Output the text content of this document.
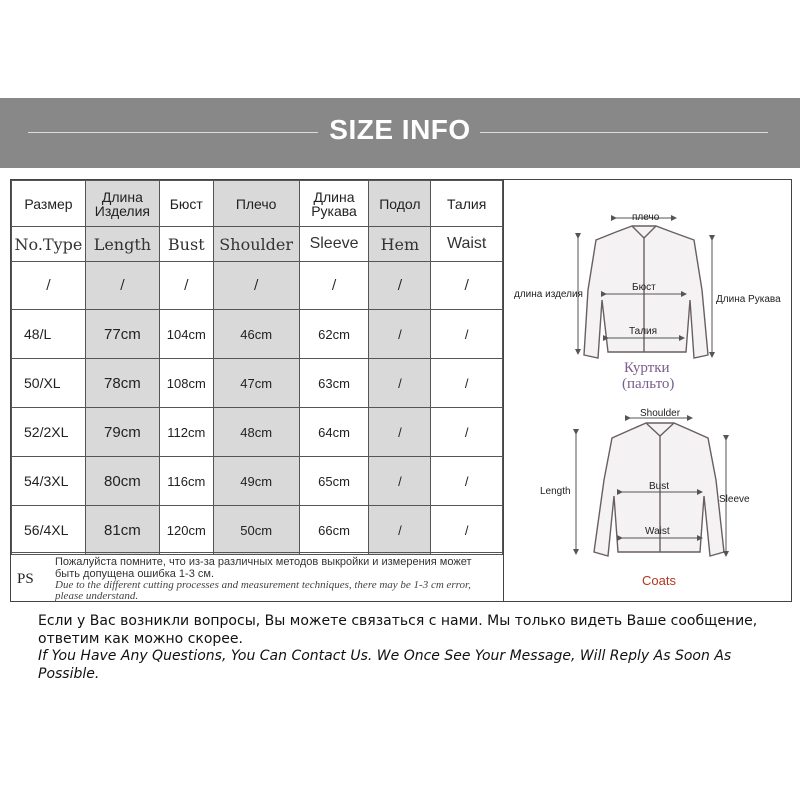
SIZE INFO
Размер	Длина Изделия	Бюст	Плечо	Длина Рукава	Подол	Талия
No.Type	Length	Bust	Shoulder	Sleeve	Hem	Waist
/	/	/	/	/	/	/
48/L	77cm	104cm	46cm	62cm	/	/
50/XL	78cm	108cm	47cm	63cm	/	/
52/2XL	79cm	112cm	48cm	64cm	/	/
54/3XL	80cm	116cm	49cm	65cm	/	/
56/4XL	81cm	120cm	50cm	66cm	/	/
PS
Пожалуйста помните, что из-за различных методов выкройки и измерения может быть допущена ошибка 1-3 см.
Due to the different cutting processes and measurement techniques, there may be 1-3 cm error, please understand.
плечо
длина изделия
Бюст
Талия
Длина Рукава
Куртки
(пальто)
Shoulder
Length	Bust
Waist
Sleeve
Coats
Если у Вас возникли вопросы, Вы можете связаться с нами. Мы только видеть Ваше сообщение, ответим как можно скорее.
If You Have Any Questions, You Can Contact Us. We Once See Your Message, Will Reply As Soon As Possible.
